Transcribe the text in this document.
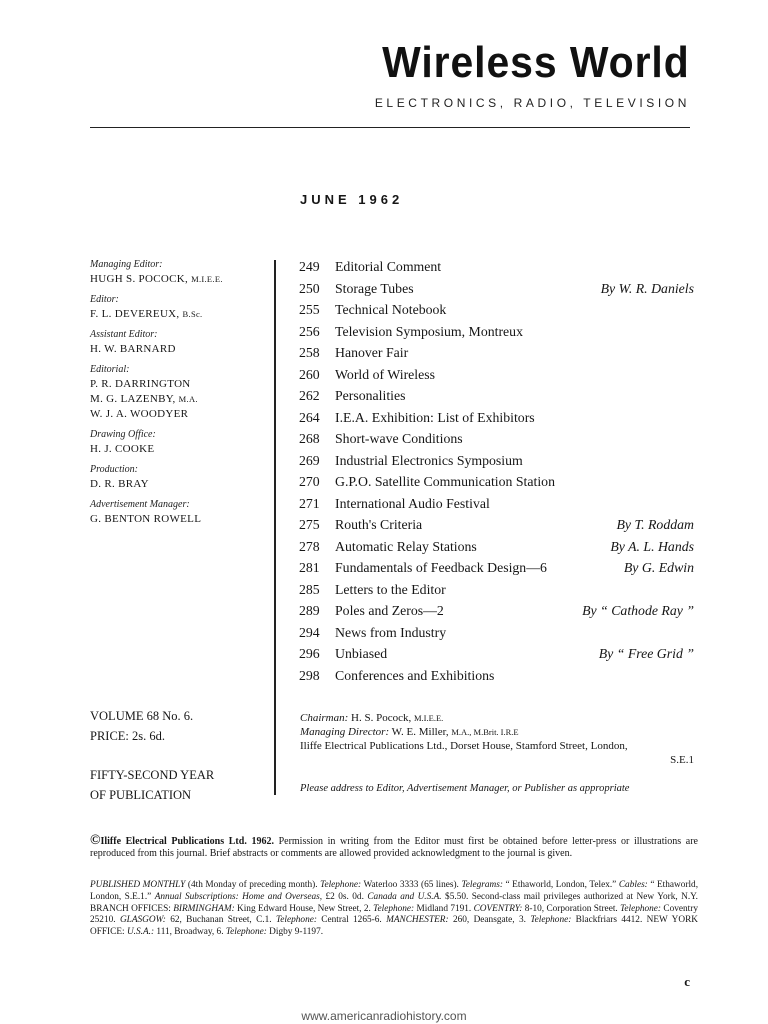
Wireless World
ELECTRONICS, RADIO, TELEVISION
JUNE 1962
Managing Editor:
HUGH S. POCOCK, M.I.E.E.
Editor:
F. L. DEVEREUX, B.Sc.
Assistant Editor:
H. W. BARNARD
Editorial:
P. R. DARRINGTON
M. G. LAZENBY, M.A.
W. J. A. WOODYER
Drawing Office:
H. J. COOKE
Production:
D. R. BRAY
Advertisement Manager:
G. BENTON ROWELL
VOLUME 68 No. 6.
PRICE: 2s. 6d.
FIFTY-SECOND YEAR
OF PUBLICATION
249	Editorial Comment
250	Storage Tubes	By W. R. Daniels
255	Technical Notebook
256	Television Symposium, Montreux
258	Hanover Fair
260	World of Wireless
262	Personalities
264	I.E.A. Exhibition: List of Exhibitors
268	Short-wave Conditions
269	Industrial Electronics Symposium
270	G.P.O. Satellite Communication Station
271	International Audio Festival
275	Routh's Criteria	By T. Roddam
278	Automatic Relay Stations	By A. L. Hands
281	Fundamentals of Feedback Design—6	By G. Edwin
285	Letters to the Editor
289	Poles and Zeros—2	By “ Cathode Ray ”
294	News from Industry
296	Unbiased	By “ Free Grid ”
298	Conferences and Exhibitions
Chairman: H. S. Pocock, M.I.E.E.
Managing Director: W. E. Miller, M.A., M.Brit. I.R.E
Iliffe Electrical Publications Ltd., Dorset House, Stamford Street, London,
S.E.1
Please address to Editor, Advertisement Manager, or Publisher as appropriate
©Iliffe Electrical Publications Ltd. 1962. Permission in writing from the Editor must first be obtained before letter-press or illustrations are reproduced from this journal. Brief abstracts or comments are allowed provided acknowledgment to the journal is given.
PUBLISHED MONTHLY (4th Monday of preceding month). Telephone: Waterloo 3333 (65 lines). Telegrams: “ Ethaworld, London, Telex.” Cables: “ Ethaworld, London, S.E.1.” Annual Subscriptions: Home and Overseas, £2 0s. 0d. Canada and U.S.A. $5.50. Second-class mail privileges authorized at New York, N.Y. BRANCH OFFICES: BIRMINGHAM: King Edward House, New Street, 2. Telephone: Midland 7191. COVENTRY: 8-10, Corporation Street. Telephone: Coventry 25210. GLASGOW: 62, Buchanan Street, C.1. Telephone: Central 1265-6. MANCHESTER: 260, Deansgate, 3. Telephone: Blackfriars 4412. NEW YORK OFFICE: U.S.A.: 111, Broadway, 6. Telephone: Digby 9-1197.
c
www.americanradiohistory.com
